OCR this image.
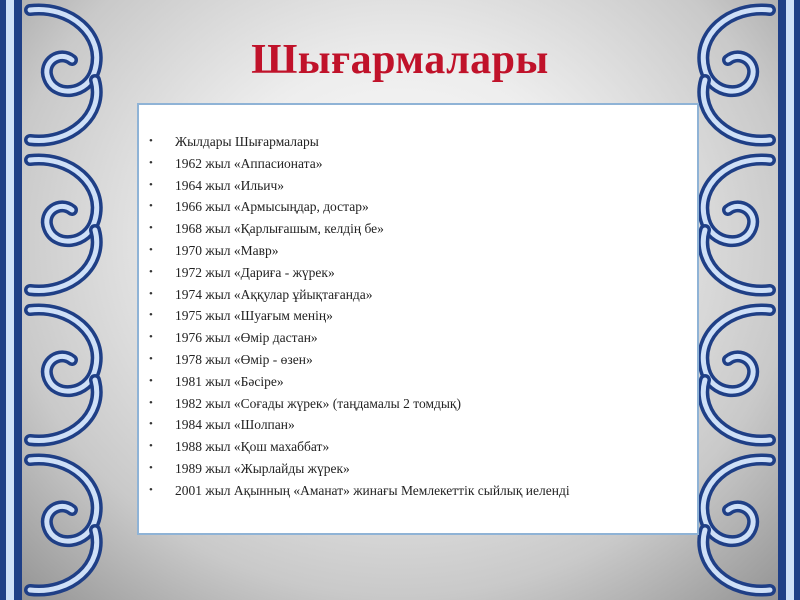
Шығармалары
• Жылдары Шығармалары
• 1962 жыл «Аппасионата»
• 1964 жыл «Ильич»
• 1966 жыл «Армысыңдар, достар»
• 1968 жыл «Қарлығашым, келдің бе»
• 1970 жыл «Мавр»
• 1972 жыл «Дариға - жүрек»
• 1974 жыл «Аққулар ұйықтағанда»
• 1975 жыл «Шуағым менің»
• 1976 жыл «Өмір дастан»
• 1978 жыл «Өмір - өзен»
• 1981 жыл «Бәсіре»
• 1982 жыл «Соғады жүрек» (таңдамалы 2 томдық)
• 1984 жыл «Шолпан»
• 1988 жыл «Қош махаббат»
• 1989 жыл «Жырлайды жүрек»
• 2001 жыл Ақынның «Аманат» жинағы Мемлекеттік сыйлық иеленді
